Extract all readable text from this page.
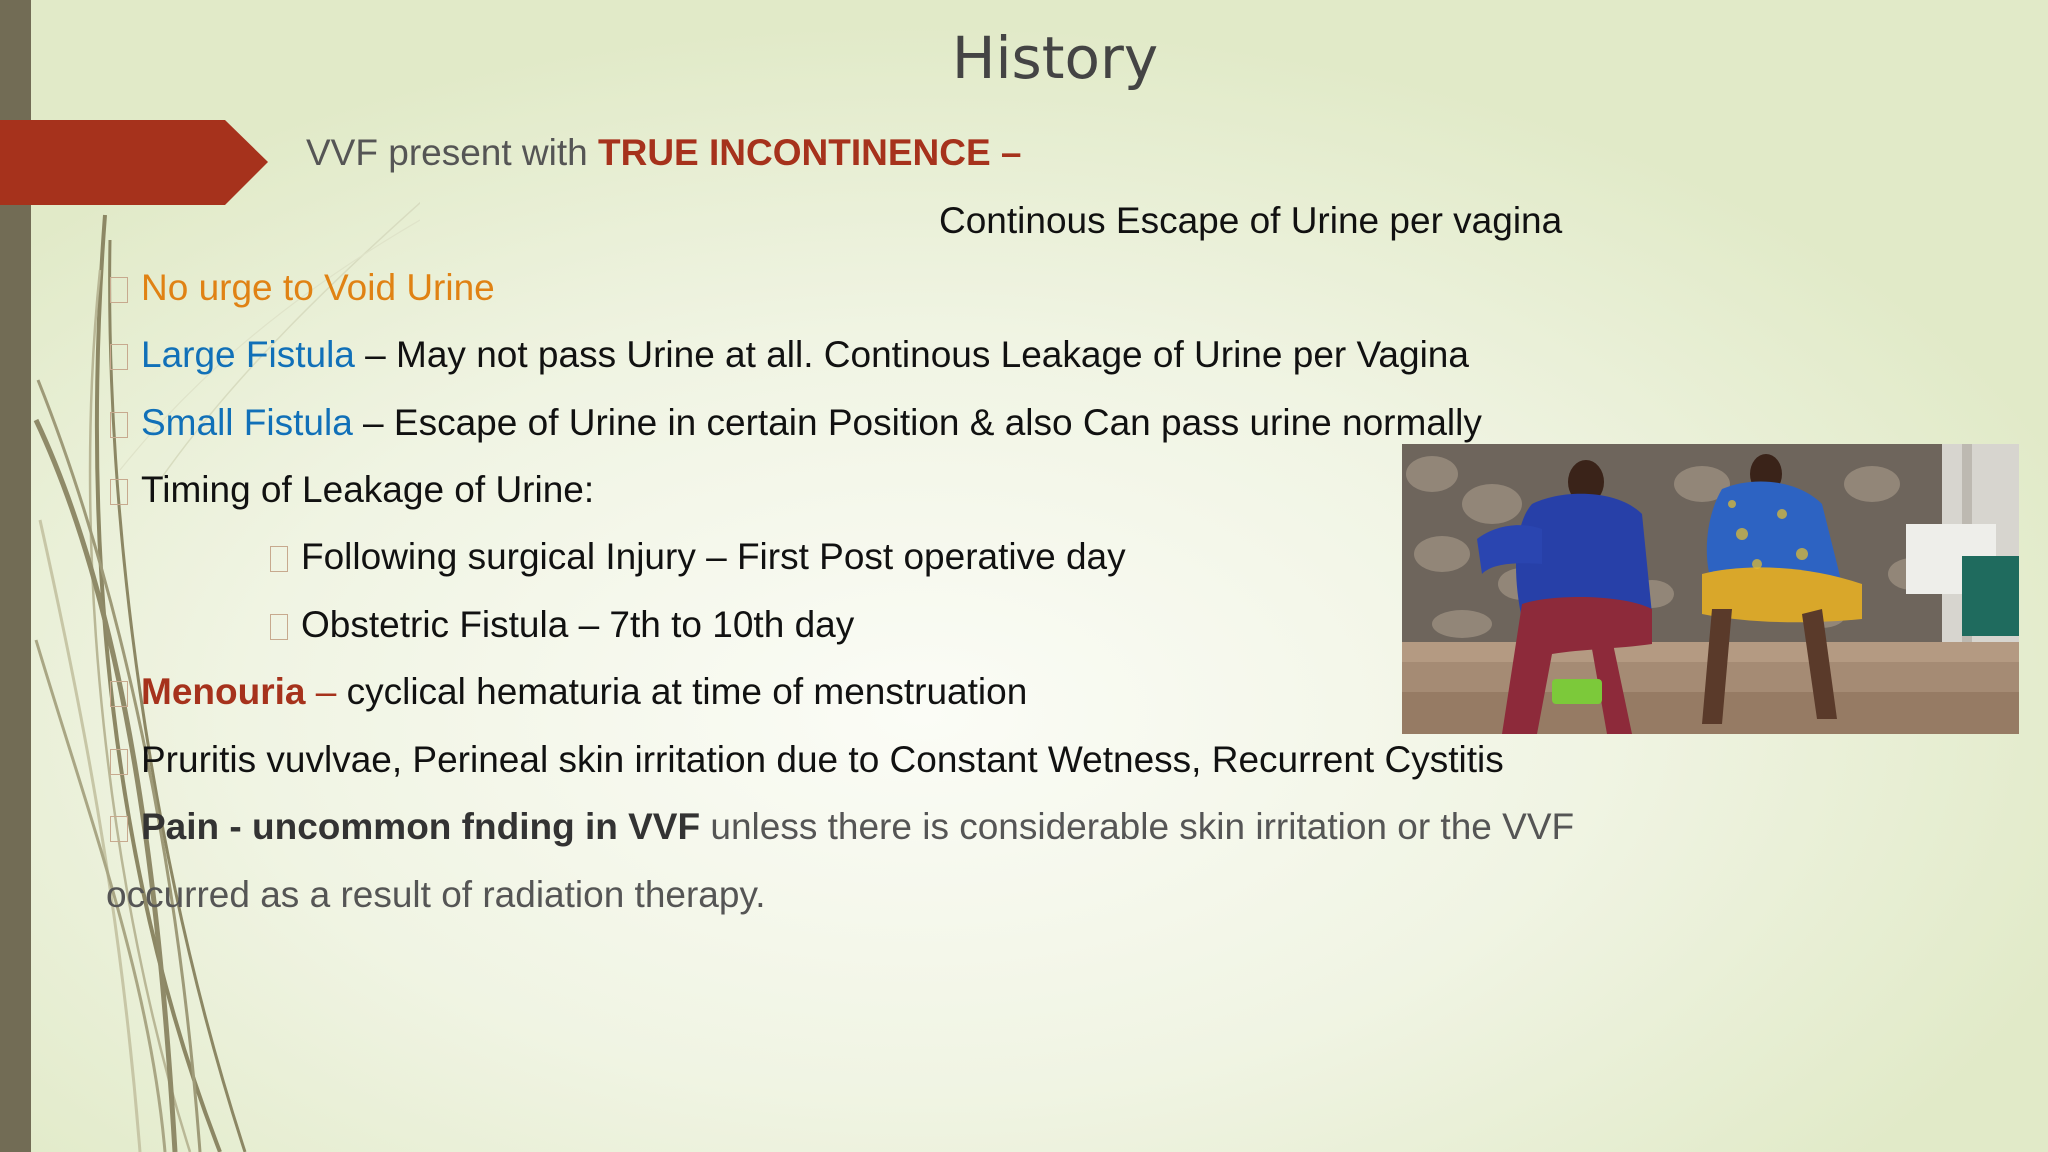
History
VVF present with TRUE INCONTINENCE –
Continous Escape of Urine per vagina
No urge to Void Urine
Large Fistula – May not pass Urine at all. Continous Leakage of Urine per Vagina
Small Fistula – Escape of Urine in certain Position & also Can pass urine normally
Timing of Leakage of Urine:
Following surgical Injury – First Post operative day
Obstetric Fistula – 7th to 10th day
Menouria – cyclical hematuria at time of menstruation
Pruritis vuvlvae, Perineal skin irritation due to Constant Wetness, Recurrent Cystitis
Pain - uncommon fnding in VVF unless there is considerable skin irritation or the VVF
occurred as a result of radiation therapy.
